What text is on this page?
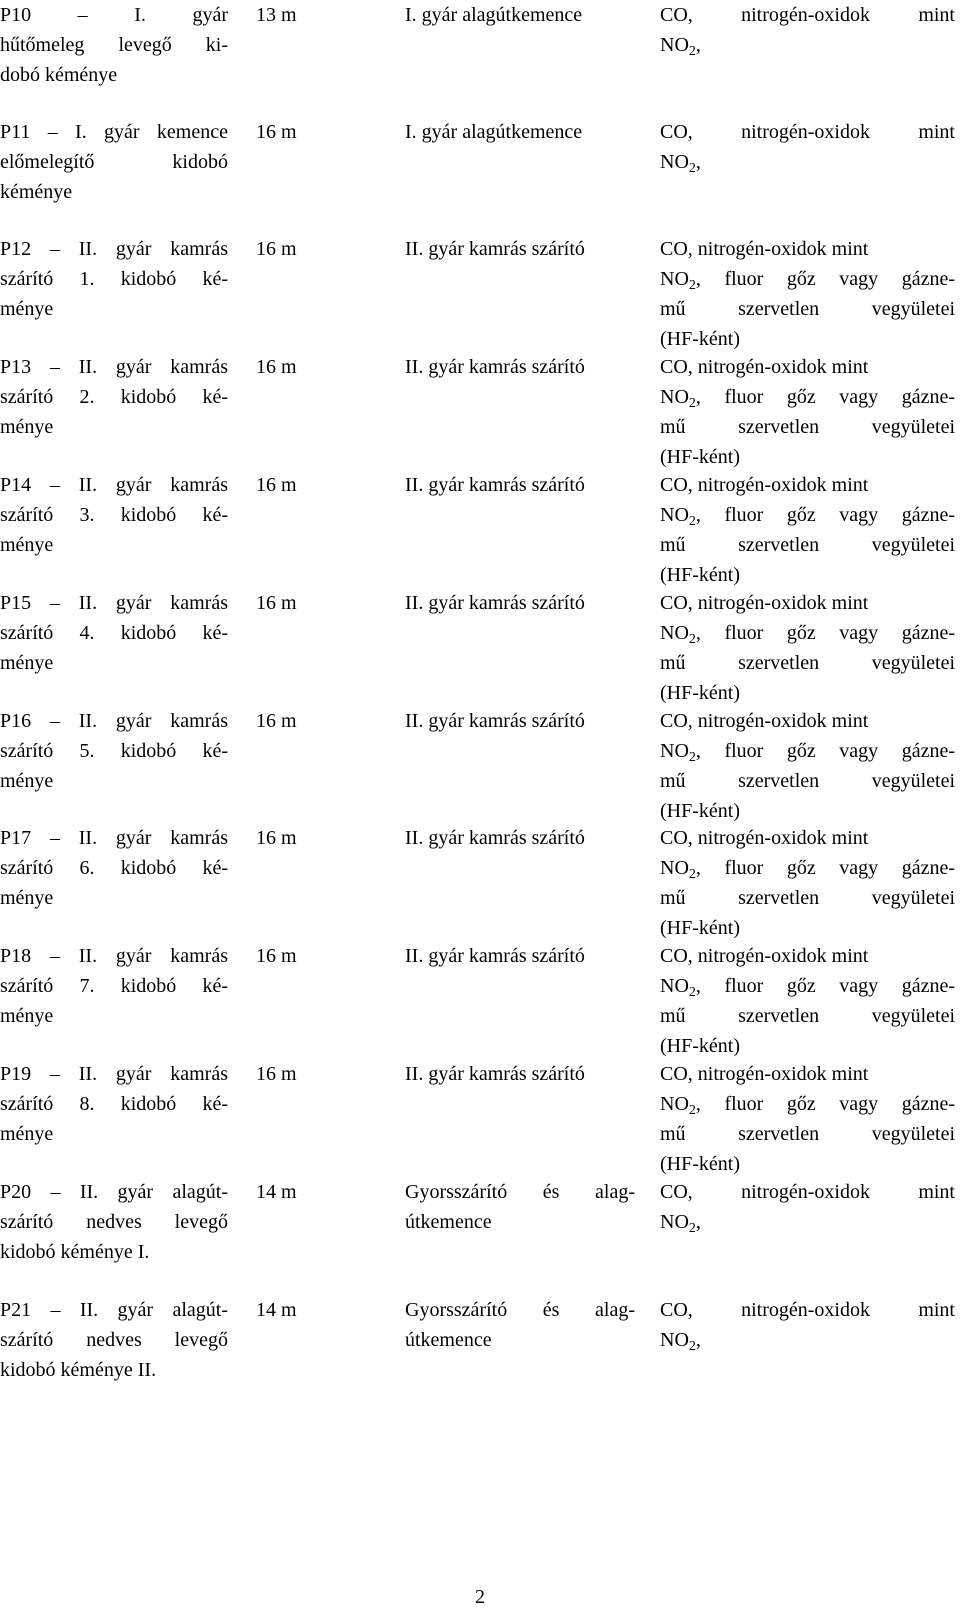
P10 – I. gyár
hűtőmeleg levegő ki-
dobó kéménye
13 m	I. gyár alagútkemence	CO, nitrogén-oxidok mint
$NO_2$,
P11 – I. gyár kemence
előmelegítő kidobó
kéménye
16 m	I. gyár alagútkemence	CO, nitrogén-oxidok mint
$NO_2$,
P12 – II. gyár kamrás
szárító 1. kidobó ké-
ménye
16 m	II. gyár kamrás szárító	CO, nitrogén-oxidok mint
$NO_2$, fluor gőz vagy gázne-
mű szervetlen vegyületei
(HF-ként)
P13 – II. gyár kamrás
szárító 2. kidobó ké-
ménye
16 m	II. gyár kamrás szárító	CO, nitrogén-oxidok mint
$NO_2$, fluor gőz vagy gázne-
mű szervetlen vegyületei
(HF-ként)
P14 – II. gyár kamrás
szárító 3. kidobó ké-
ménye
16 m	II. gyár kamrás szárító	CO, nitrogén-oxidok mint
$NO_2$, fluor gőz vagy gázne-
mű szervetlen vegyületei
(HF-ként)
P15 – II. gyár kamrás
szárító 4. kidobó ké-
ménye
16 m	II. gyár kamrás szárító	CO, nitrogén-oxidok mint
$NO_2$, fluor gőz vagy gázne-
mű szervetlen vegyületei
(HF-ként)
P16 – II. gyár kamrás
szárító 5. kidobó ké-
ménye
16 m	II. gyár kamrás szárító	CO, nitrogén-oxidok mint
$NO_2$, fluor gőz vagy gázne-
mű szervetlen vegyületei
(HF-ként)
P17 – II. gyár kamrás
szárító 6. kidobó ké-
ménye
16 m	II. gyár kamrás szárító	CO, nitrogén-oxidok mint
$NO_2$, fluor gőz vagy gázne-
mű szervetlen vegyületei
(HF-ként)
P18 – II. gyár kamrás
szárító 7. kidobó ké-
ménye
16 m	II. gyár kamrás szárító	CO, nitrogén-oxidok mint
$NO_2$, fluor gőz vagy gázne-
mű szervetlen vegyületei
(HF-ként)
P19 – II. gyár kamrás
szárító 8. kidobó ké-
ménye
16 m	II. gyár kamrás szárító	CO, nitrogén-oxidok mint
$NO_2$, fluor gőz vagy gázne-
mű szervetlen vegyületei
(HF-ként)
P20 – II. gyár alagút-
szárító nedves levegő
kidobó kéménye I.
14 m	Gyorsszárító és alag-
útkemence
CO, nitrogén-oxidok mint
$NO_2$,
P21 – II. gyár alagút-
szárító nedves levegő
kidobó kéménye II.
14 m	Gyorsszárító és alag-
útkemence
CO, nitrogén-oxidok mint
$NO_2$,
2
